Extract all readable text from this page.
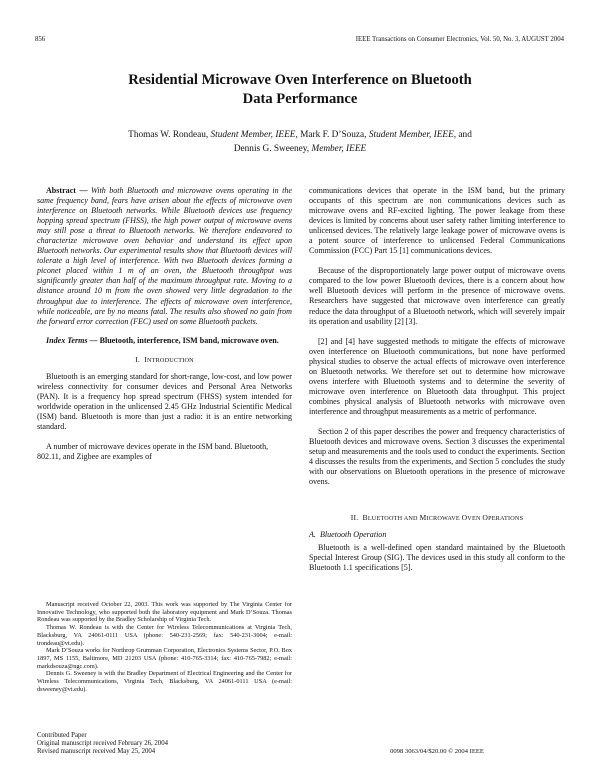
856	IEEE Transactions on Consumer Electronics, Vol. 50, No. 3, AUGUST 2004
Residential Microwave Oven Interference on Bluetooth
Data Performance
Thomas W. Rondeau, Student Member, IEEE, Mark F. D’Souza, Student Member, IEEE, and
Dennis G. Sweeney, Member, IEEE

Abstract — With both Bluetooth and microwave ovens operating in the same frequency band, fears have arisen about the effects of microwave oven interference on Bluetooth networks. While Bluetooth devices use frequency hopping spread spectrum (FHSS), the high power output of microwave ovens may still pose a threat to Bluetooth networks. We therefore endeavored to characterize microwave oven behavior and understand its effect upon Bluetooth networks. Our experimental results show that Bluetooth devices will tolerate a high level of interference. With two Bluetooth devices forming a piconet placed within 1 m of an oven, the Bluetooth throughput was significantly greater than half of the maximum throughput rate. Moving to a distance around 10 m from the oven showed very little degradation to the throughput due to interference. The effects of microwave oven interference, while noticeable, are by no means fatal. The results also showed no gain from the forward error correction (FEC) used on some Bluetooth packets.

Index Terms — Bluetooth, interference, ISM band, microwave oven.

I. INTRODUCTION

Bluetooth is an emerging standard for short-range, low-cost, and low power wireless connectivity for consumer devices and Personal Area Networks (PAN). It is a frequency hop spread spectrum (FHSS) system intended for worldwide operation in the unlicensed 2.45 GHz Industrial Scientific Medical (ISM) band. Bluetooth is more than just a radio: it is an entire networking standard.

A number of microwave devices operate in the ISM band. Bluetooth, 802.11, and Zigbee are examples of

Manuscript received October 22, 2003. This work was supported by The Virginia Center for Innovative Technology, who supported both the laboratory equipment and Mark D’Souza. Thomas Rondeau was supported by the Bradley Scholarship of Virginia Tech.

Thomas W. Rondeau is with the Center for Wireless Telecommunications at Virginia Tech, Blacksburg, VA 24061-0111 USA (phone: 540-231-2569; fax: 540-231-3004; e-mail: trondeau@vt.edu).

Mark D’Souza works for Northrop Grumman Corporation, Electronics Systems Sector, P.O. Box 1897, MS 1155, Baltimore, MD 21203 USA (phone: 410-765-3314; fax: 410-765-7982; e-mail: markdsouza@ngc.com).

Dennis G. Sweeney is with the Bradley Department of Electrical Engineering and the Center for Wireless Telecommunications, Virginia Tech, Blacksburg, VA 24061-0111 USA (e-mail: dsweeney@vt.edu).

Contributed Paper
Original manuscript received February 26, 2004
Revised manuscript received May 25, 2004

communications devices that operate in the ISM band, but the primary occupants of this spectrum are non communications devices such as microwave ovens and RF-excited lighting. The power leakage from these devices is limited by concerns about user safety rather limiting interference to unlicensed devices. The relatively large leakage power of microwave ovens is a potent source of interference to unlicensed Federal Communications Commission (FCC) Part 15 [1] communications devices.

Because of the disproportionately large power output of microwave ovens compared to the low power Bluetooth devices, there is a concern about how well Bluetooth devices will perform in the presence of microwave ovens. Researchers have suggested that microwave oven interference can greatly reduce the data throughput of a Bluetooth network, which will severely impair its operation and usability [2] [3].

[2] and [4] have suggested methods to mitigate the effects of microwave oven interference on Bluetooth communications, but none have performed physical studies to observe the actual effects of microwave oven interference on Bluetooth networks. We therefore set out to determine how microwave ovens interfere with Bluetooth systems and to determine the severity of microwave oven interference on Bluetooth data throughput. This project combines physical analysis of Bluetooth networks with microwave oven interference and throughput measurements as a metric of performance.

Section 2 of this paper describes the power and frequency characteristics of Bluetooth devices and microwave ovens. Section 3 discusses the experimental setup and measurements and the tools used to conduct the experiments. Section 4 discusses the results from the experiments, and Section 5 concludes the study with our observations on Bluetooth operations in the presence of microwave ovens.

II. BLUETOOTH AND MICROWAVE OVEN OPERATIONS

A. Bluetooth Operation

Bluetooth is a well-defined open standard maintained by the Bluetooth Special Interest Group (SIG). The devices used in this study all conform to the Bluetooth 1.1 specifications [5].

0098 3063/04/$20.00 © 2004 IEEE
